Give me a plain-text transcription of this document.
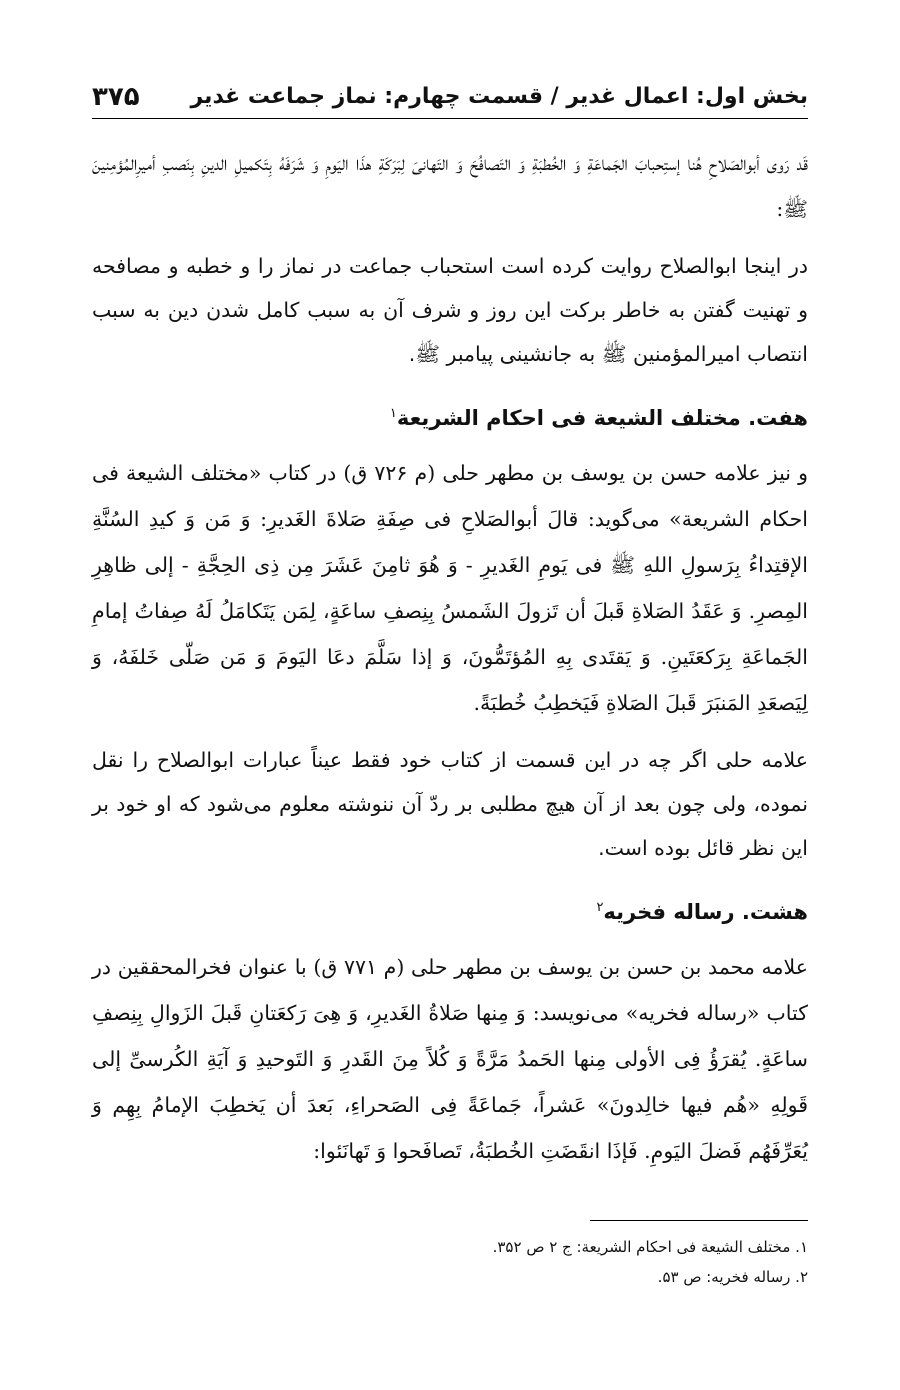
بخش اول: اعمال غدیر / قسمت چهارم: نماز جماعت غدیر
۳۷۵

قَد رَوی أبوالصَلاحِ هُنا إستِحبابَ الجَماعَةِ وَ الخُطبَةِ وَ التَصافُحَ وَ التَهانیَ لِبَرَکَةِ هذَا الیَومِ وَ شَرَفَهُ بِتَکمیلِ الدینِ بِنَصبِ أمیرِالمُؤمِنینَ ﷺ:

در اینجا ابوالصلاح روایت کرده است استحباب جماعت در نماز را و خطبه و مصافحه و تهنیت گفتن به خاطر برکت این روز و شرف آن به سبب کامل شدن دین به سبب انتصاب امیرالمؤمنین ﷺ به جانشینی پیامبر ﷺ.

هفت. مختلف الشیعة فی احکام الشریعة$^۱$

و نیز علامه حسن بن یوسف بن مطهر حلی (م ۷۲۶ ق) در کتاب «مختلف الشیعة فی احکام الشریعة» می‌گوید: قالَ أبوالصَلاحِ فی صِفَةِ صَلاةَ الغَدیرِ: وَ مَن وَ کیدِ السُنَّةِ الإقتِداءُ بِرَسولِ اللهِ ﷺ فی یَومِ الغَدیرِ - وَ هُوَ ثامِنَ عَشَرَ مِن ذِی الحِجَّةِ - إلی ظاهِرِ المِصرِ. وَ عَقَدُ الصَلاةِ قَبلَ أن تَزولَ الشَمسُ بِنِصفِ ساعَةٍ، لِمَن یَتَکامَلُ لَهُ صِفاتُ إمامِ الجَماعَةِ بِرَکعَتَینِ. وَ یَقتَدی بِهِ المُؤتَمُّونَ، وَ إذا سَلَّمَ دعَا الیَومَ وَ مَن صَلّی خَلفَهُ، وَ لِیَصعَدِ المَنبَرَ قَبلَ الصَلاةِ فَیَخطِبُ خُطبَةً.

علامه حلی اگر چه در این قسمت از کتاب خود فقط عیناً عبارات ابوالصلاح را نقل نموده، ولی چون بعد از آن هیچ مطلبی بر ردّ آن ننوشته معلوم می‌شود که او خود بر این نظر قائل بوده است.

هشت. رساله فخریه$^۲$

علامه محمد بن حسن بن یوسف بن مطهر حلی (م ۷۷۱ ق) با عنوان فخرالمحققین در کتاب «رساله فخریه» می‌نویسد: وَ مِنها صَلاةُ الغَدیرِ، وَ هِیَ رَکعَتانِ قَبلَ الزَوالِ بِنِصفِ ساعَةٍ. یُقرَؤُ فِی الأولی مِنها الحَمدُ مَرَّةً وَ کُلاً مِنَ القَدرِ وَ التَوحیدِ وَ آیَةِ الکُرسیِّ إلی قَولِهِ «هُم فیها خالِدونَ» عَشراً، جَماعَةً فِی الصَحراءِ، بَعدَ أن یَخطِبَ الإمامُ بِهِم وَ یُعَرِّفَهُم فَضلَ الیَومِ. فَإذَا انقَضَتِ الخُطبَةُ، تَصافَحوا وَ تَهانَئوا:

۱. مختلف الشیعة فی احکام الشریعة: ج ۲ ص ۳۵۲.

۲. رساله فخریه: ص ۵۳.
